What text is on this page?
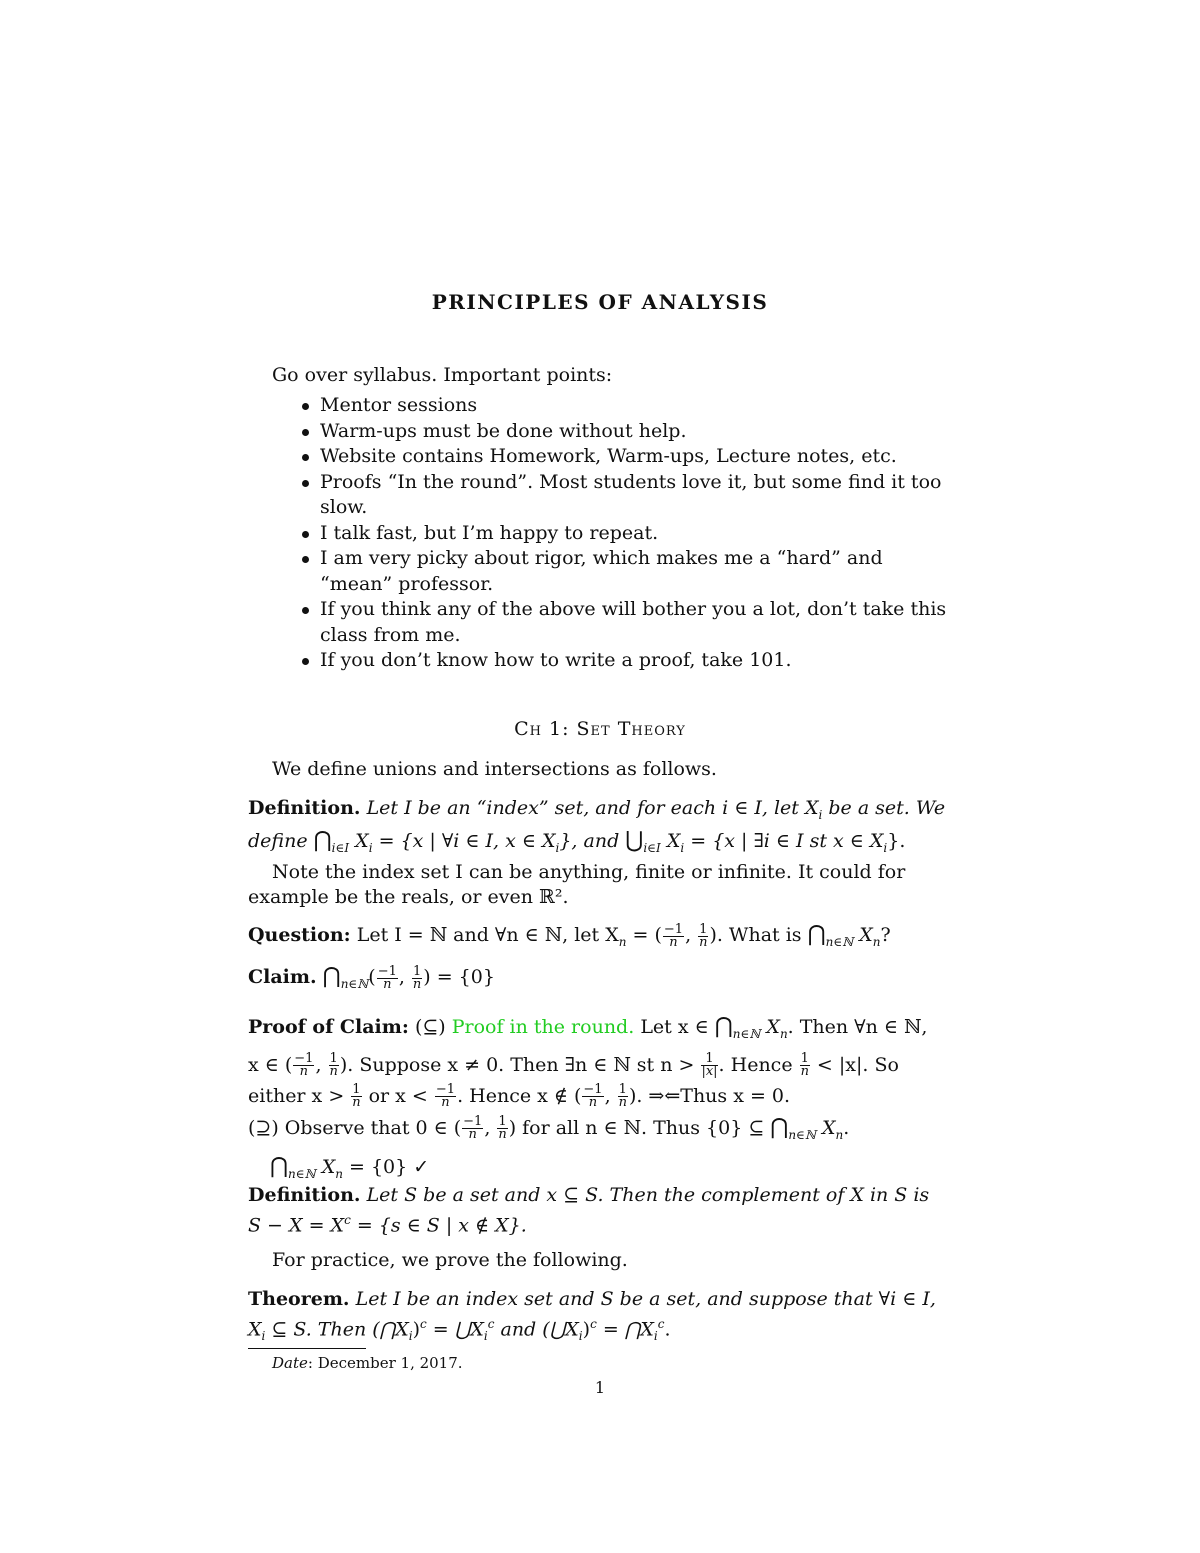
PRINCIPLES OF ANALYSIS
Go over syllabus. Important points:
Mentor sessions
Warm-ups must be done without help.
Website contains Homework, Warm-ups, Lecture notes, etc.
Proofs “In the round”. Most students love it, but some find it too slow.
I talk fast, but I’m happy to repeat.
I am very picky about rigor, which makes me a “hard” and “mean” professor.
If you think any of the above will bother you a lot, don’t take this class from me.
If you don’t know how to write a proof, take 101.
Ch 1: Set Theory
We define unions and intersections as follows.
Definition. Let I be an “index” set, and for each i ∈ I, let $X_i$ be a set. We define $⋂_{i\in I}$ $X_i = \{x$ | ∀i ∈ I, x ∈ $X_i$}, and $⋃_{i\in I}$ $X_i = \{x$ | ∃i ∈ I st x ∈ $X_i$}.
Note the index set I can be anything, finite or infinite. It could for example be the reals, or even ℝ².
Question: Let I = ℕ and ∀n ∈ ℕ, let $X_n$ = ( $\frac{-1}{n}$ , $\frac{1}{n}$ ). What is $⋂_{n\in ℕ}$ $X_n$?
Claim. $⋂_{n\in ℕ}( \frac{-1}{n}$ , $\frac{1}{n}$ ) = {0}
Proof of Claim: (⊆) Proof in the round. Let x ∈ $⋂_{n\in ℕ}$ $X_n$. Then ∀n ∈ ℕ,
x ∈ ( $\frac{-1}{n}$ , $\frac{1}{n}$ ). Suppose x ≠ 0. Then ∃n ∈ ℕ st $n > \frac{1}{|x|}$ . Hence $\frac{1}{n} < |x|$. So
either $x > \frac{1}{n}$ or $x < \frac{-1}{n}$ . Hence x ∉ ( $\frac{-1}{n}$ , $\frac{1}{n}$ ). ⇒⇐Thus x = 0.
(⊇) Observe that 0 ∈ ( $\frac{-1}{n}$ , $\frac{1}{n}$ ) for all n ∈ ℕ. Thus {0} ⊆ $⋂_{n\in ℕ}$ $X_n$.
$⋂_{n\in ℕ}$ $X_n = \{0\}$ ✓
Definition. Let S be a set and x ⊆ S. Then the complement of X in S is
$S - X = X^c = \{s$ ∈ S | x ∉ X}.
For practice, we prove the following.
Theorem. Let I be an index set and S be a set, and suppose that ∀i ∈ I,
$X_i$ ⊆ S. Then $(⋂X_i)^c$ = $⋃X_i^c$ and $(⋃X_i)^c$ = $⋂X_i^c$.
Date: December 1, 2017.
1
